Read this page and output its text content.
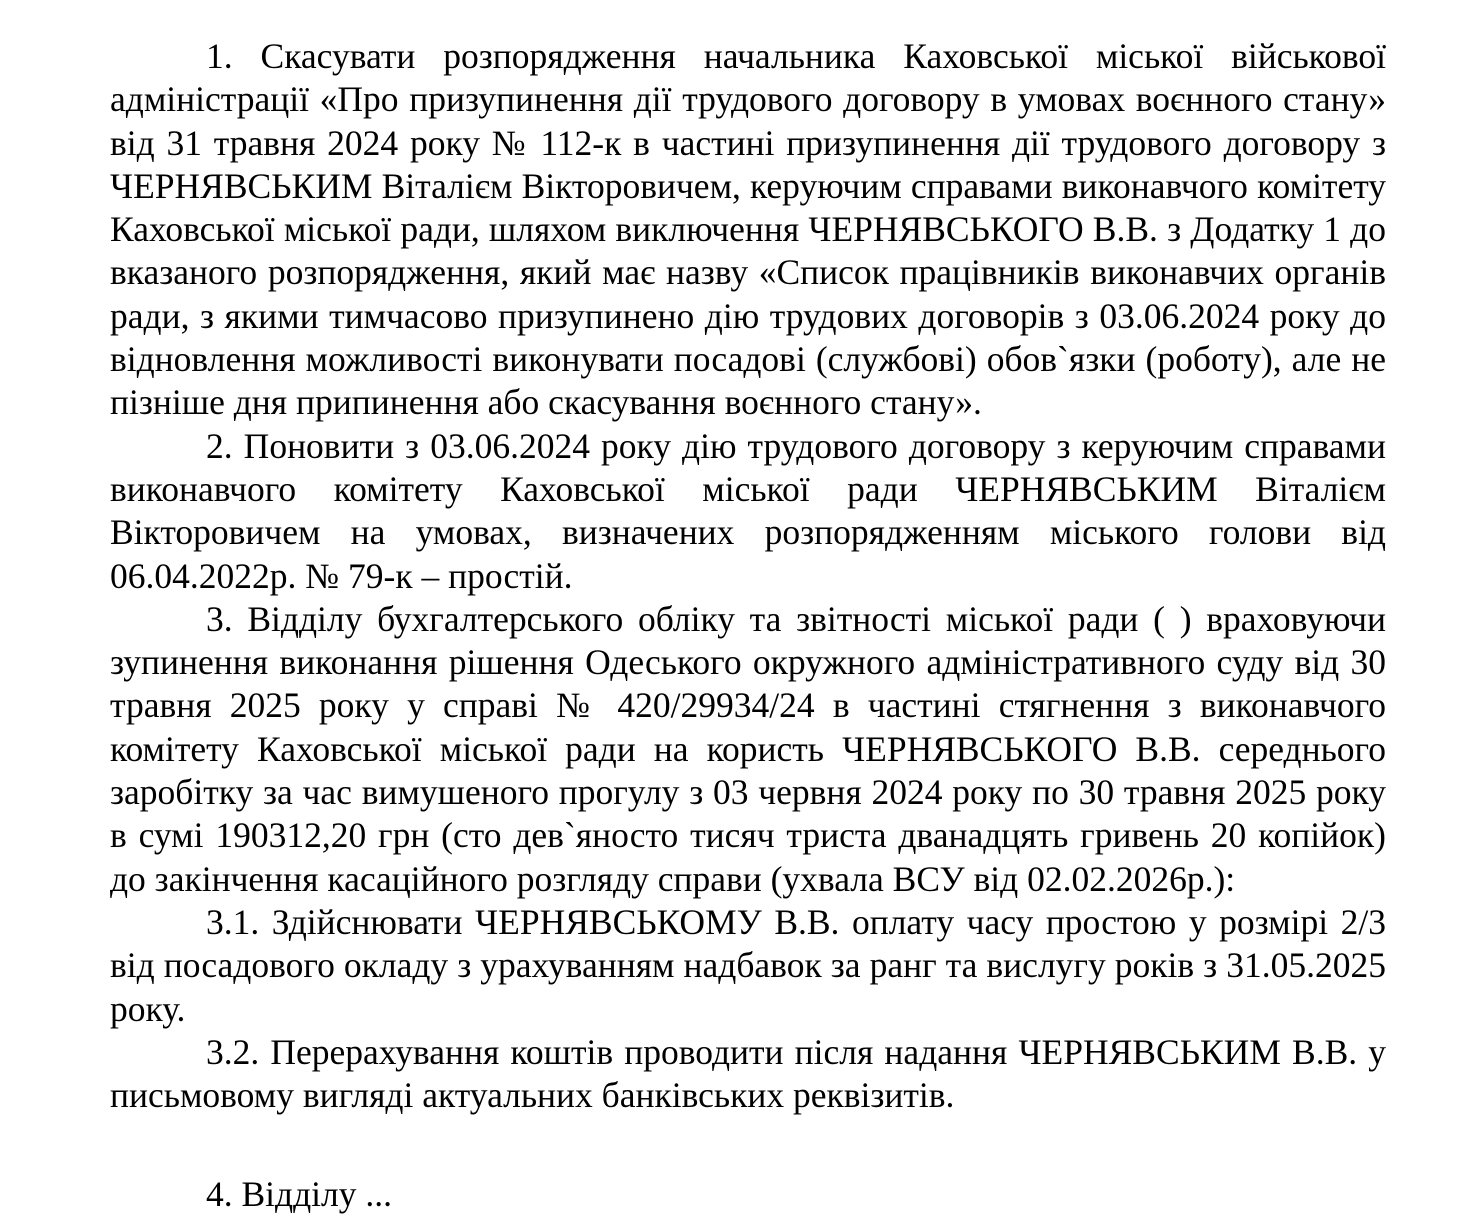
1. Скасувати розпорядження начальника Каховської міської військової адміністрації «Про призупинення дії трудового договору в умовах воєнного стану» від 31 травня 2024 року № 112-к в частині призупинення дії трудового договору з ЧЕРНЯВСЬКИМ Віталієм Вікторовичем, керуючим справами виконавчого комітету Каховської міської ради, шляхом виключення ЧЕРНЯВСЬКОГО В.В. з Додатку 1 до вказаного розпорядження, який має назву «Список працівників виконавчих органів ради, з якими тимчасово призупинено дію трудових договорів з 03.06.2024 року до відновлення можливості виконувати посадові (службові) обов`язки (роботу), але не пізніше дня припинення або скасування воєнного стану».

2. Поновити з 03.06.2024 року дію трудового договору з керуючим справами виконавчого комітету Каховської міської ради ЧЕРНЯВСЬКИМ Віталієм Вікторовичем на умовах, визначених розпорядженням міського голови від 06.04.2022р. № 79-к – простій.

3. Відділу бухгалтерського обліку та звітності міської ради ( ) враховуючи зупинення виконання рішення Одеського окружного адміністративного суду від 30 травня 2025 року у справі № 420/29934/24 в частині стягнення з виконавчого комітету Каховської міської ради на користь ЧЕРНЯВСЬКОГО В.В. середнього заробітку за час вимушеного прогулу з 03 червня 2024 року по 30 травня 2025 року в сумі 190312,20 грн (сто дев`яносто тисяч триста дванадцять гривень 20 копійок) до закінчення касаційного розгляду справи (ухвала ВСУ від 02.02.2026р.):

3.1. Здійснювати ЧЕРНЯВСЬКОМУ В.В. оплату часу простою у розмірі 2/3 від посадового окладу з урахуванням надбавок за ранг та вислугу років з 31.05.2025 року.

3.2. Перерахування коштів проводити після надання ЧЕРНЯВСЬКИМ В.В. у письмовому вигляді актуальних банківських реквізитів.

4. Відділу ...
